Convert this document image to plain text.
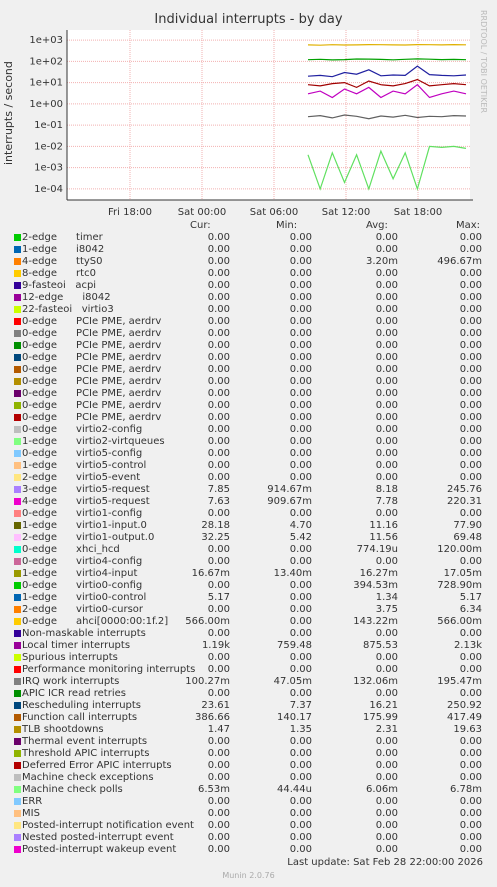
Individual interrupts - by day
interrupts / second	RRDTOOL / TOBI OETIKER
1e+03
1e+02
1e+01
1e+00
1e-01
1e-02
1e-03
1e-04
Fri 18:00	Sat 00:00 Sat 06:00 Sat 12:00 Sat 18:00
Cur:	Min:	Avg:	Max:
2-edge      timer	0.00	0.00	0.00	0.00
1-edge      i8042	0.00	0.00	0.00	0.00
4-edge      ttyS0	0.00	0.00	3.20m	496.67m
8-edge      rtc0	0.00	0.00	0.00	0.00
9-fasteoi   acpi	0.00	0.00	0.00	0.00
12-edge      i8042	0.00	0.00	0.00	0.00
22-fasteoi   virtio3	0.00	0.00	0.00	0.00
0-edge      PCIe PME, aerdrv	0.00	0.00	0.00	0.00
0-edge      PCIe PME, aerdrv	0.00	0.00	0.00	0.00
0-edge      PCIe PME, aerdrv	0.00	0.00	0.00	0.00
0-edge      PCIe PME, aerdrv	0.00	0.00	0.00	0.00
0-edge      PCIe PME, aerdrv	0.00	0.00	0.00	0.00
0-edge      PCIe PME, aerdrv	0.00	0.00	0.00	0.00
0-edge      PCIe PME, aerdrv	0.00	0.00	0.00	0.00
0-edge      PCIe PME, aerdrv	0.00	0.00	0.00	0.00
0-edge      PCIe PME, aerdrv	0.00	0.00	0.00	0.00
0-edge      virtio2-config	0.00	0.00	0.00	0.00
1-edge      virtio2-virtqueues	0.00	0.00	0.00	0.00
0-edge      virtio5-config	0.00	0.00	0.00	0.00
1-edge      virtio5-control	0.00	0.00	0.00	0.00
2-edge      virtio5-event	0.00	0.00	0.00	0.00
3-edge      virtio5-request	7.85	914.67m	8.18	245.76
4-edge      virtio5-request	7.63	909.67m	7.78	220.31
0-edge      virtio1-config	0.00	0.00	0.00	0.00
1-edge      virtio1-input.0	28.18	4.70	11.16	77.90
2-edge      virtio1-output.0	32.25	5.42	11.56	69.48
0-edge      xhci_hcd	0.00	0.00	774.19u	120.00m
0-edge      virtio4-config	0.00	0.00	0.00	0.00
1-edge      virtio4-input	16.67m	13.40m	16.27m	17.05m
0-edge      virtio0-config	0.00	0.00	394.53m	728.90m
1-edge      virtio0-control	5.17	0.00	1.34	5.17
2-edge      virtio0-cursor	0.00	0.00	3.75	6.34
0-edge      ahci[0000:00:1f.2] 566.00m	0.00	143.22m	566.00m
Non-maskable interrupts	0.00	0.00	0.00	0.00
Local timer interrupts	1.19k	759.48	875.53	2.13k
Spurious interrupts	0.00	0.00	0.00	0.00
Performance monitoring interrupts 0.00	0.00	0.00	0.00
IRQ work interrupts	100.27m	47.05m	132.06m	195.47m
APIC ICR read retries	0.00	0.00	0.00	0.00
Rescheduling interrupts	23.61	7.37	16.21	250.92
Function call interrupts	386.66	140.17	175.99	417.49
TLB shootdowns	1.47	1.35	2.31	19.63
Thermal event interrupts	0.00	0.00	0.00	0.00
Threshold APIC interrupts	0.00	0.00	0.00	0.00
Deferred Error APIC interrupts	0.00	0.00	0.00	0.00
Machine check exceptions	0.00	0.00	0.00	0.00
Machine check polls	6.53m	44.44u	6.06m	6.78m
ERR	0.00	0.00	0.00	0.00
MIS	0.00	0.00	0.00	0.00
Posted-interrupt notification event 0.00	0.00	0.00	0.00
Nested posted-interrupt event	0.00	0.00	0.00	0.00
Posted-interrupt wakeup event	0.00	0.00	0.00	0.00
Last update: Sat Feb 28 22:00:00 2026
Munin 2.0.76
